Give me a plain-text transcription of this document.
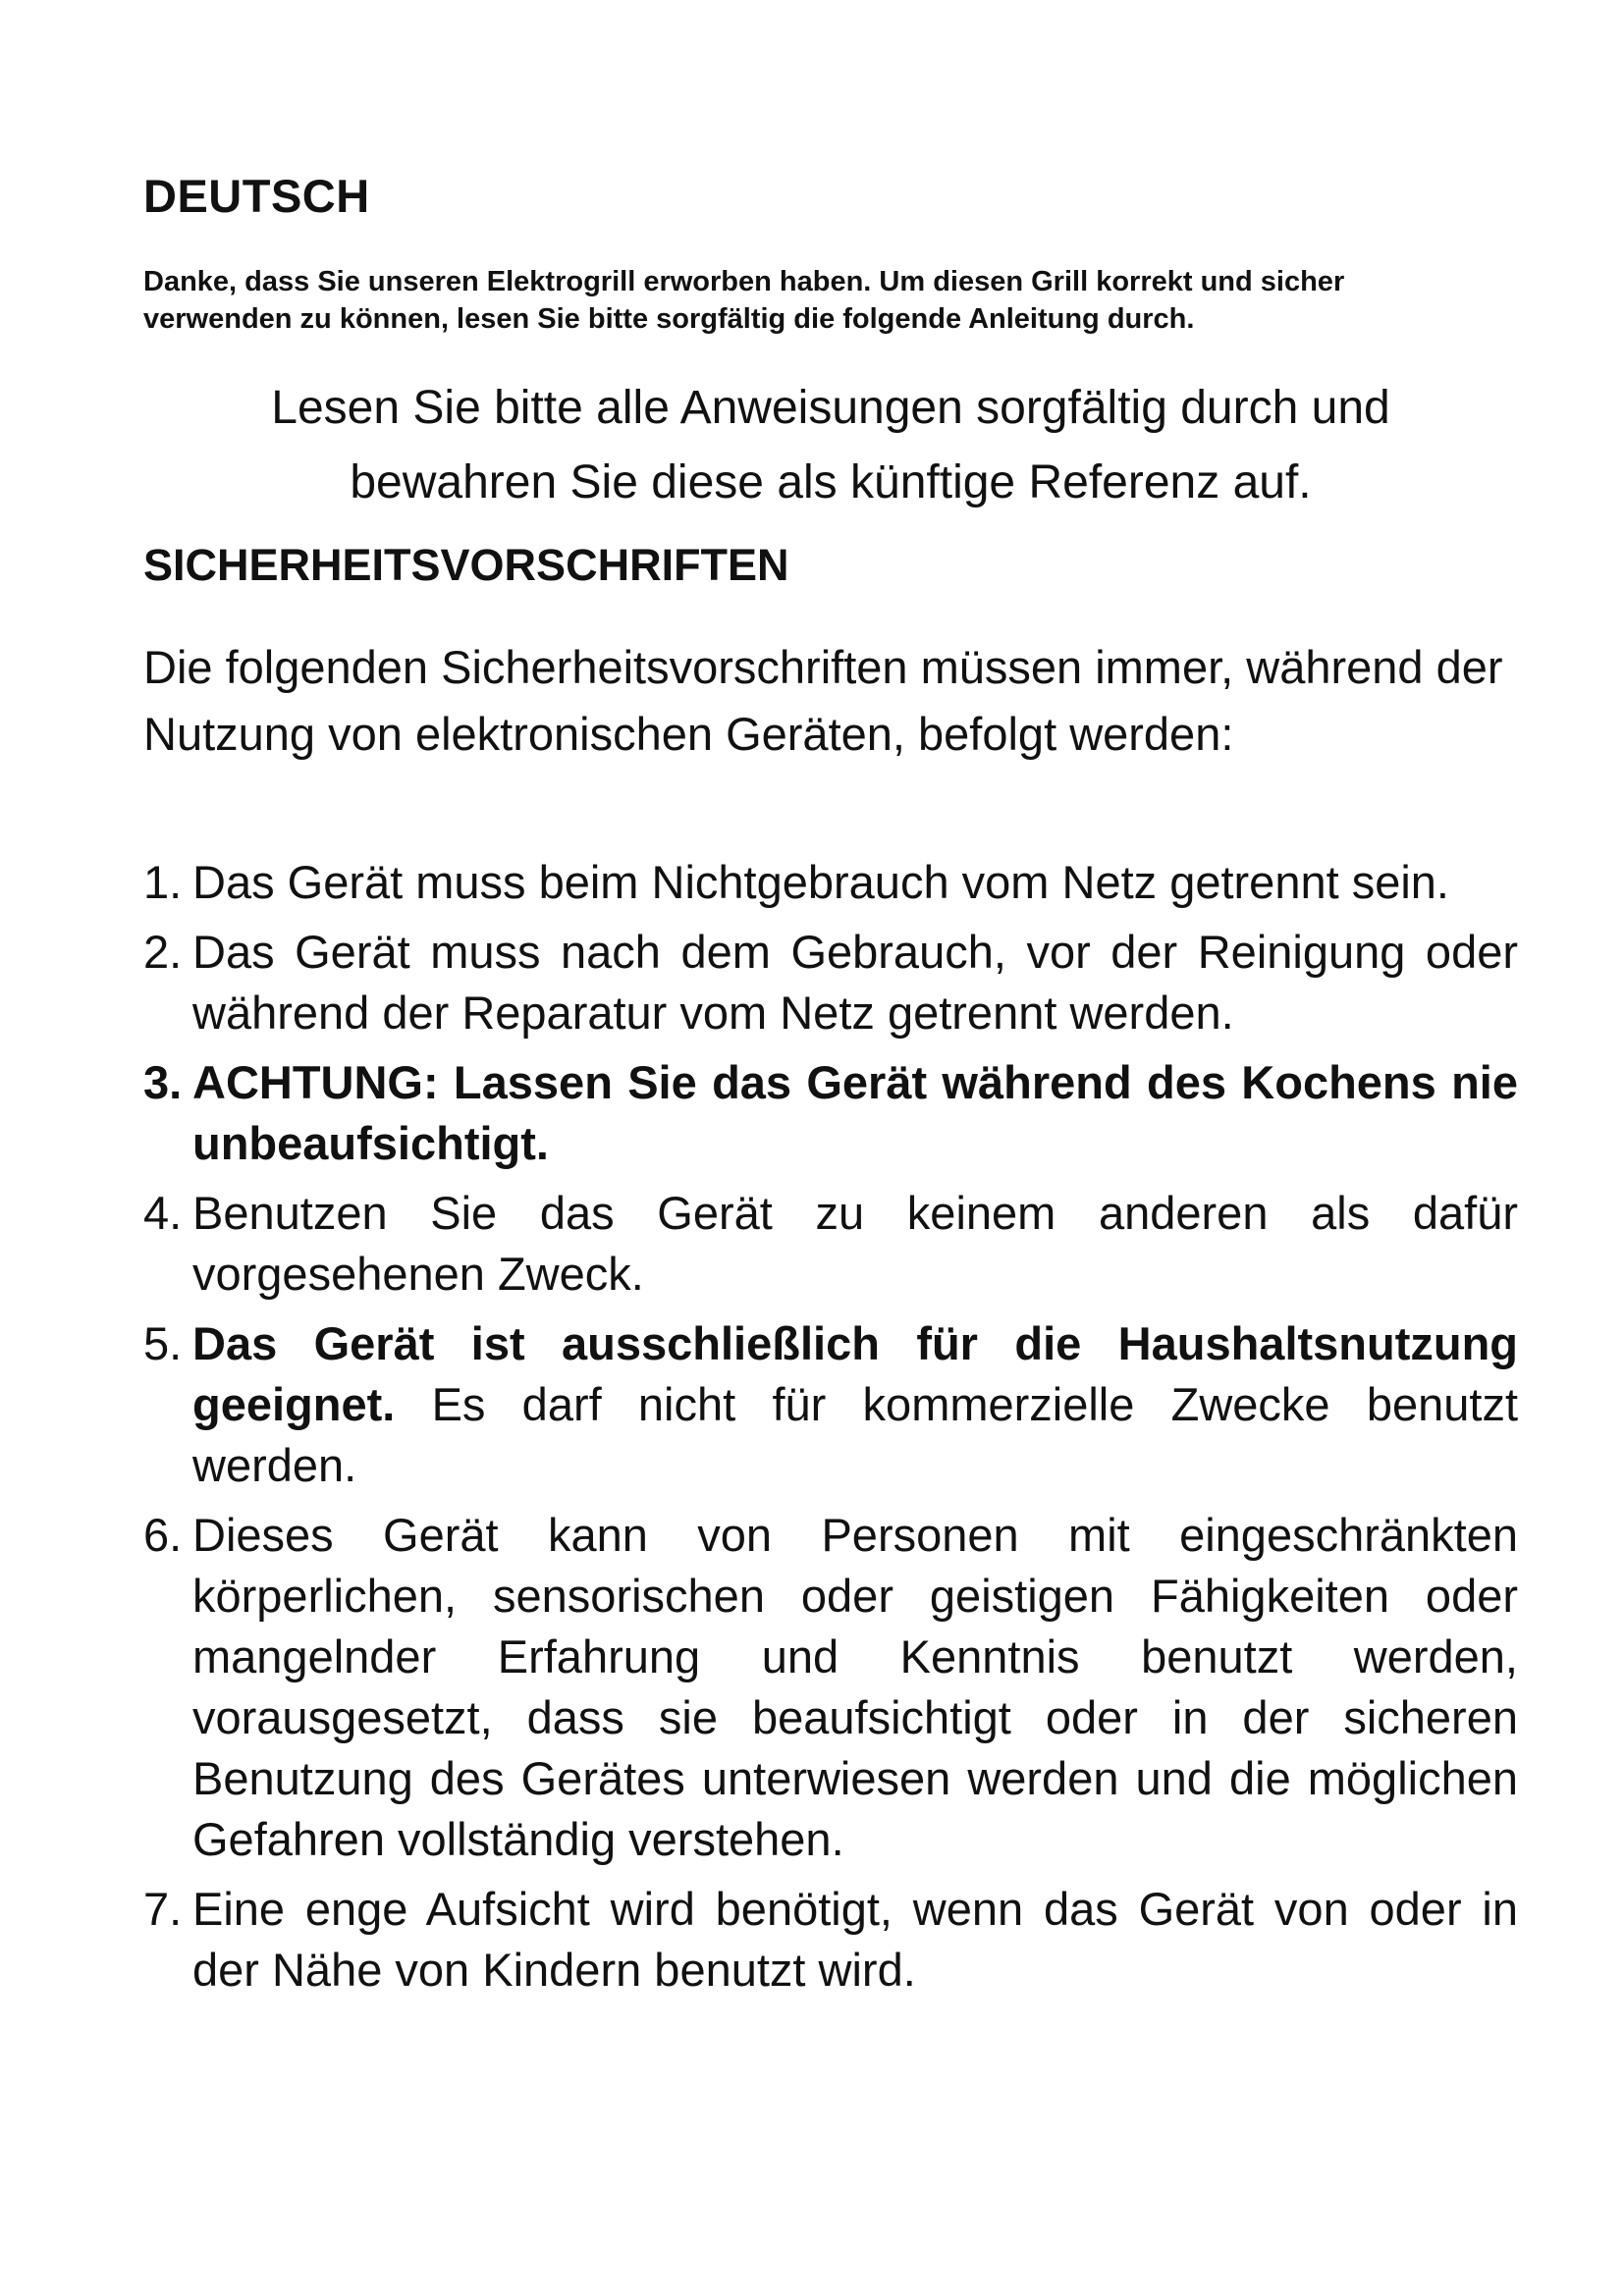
DEUTSCH

Danke, dass Sie unseren Elektrogrill erworben haben. Um diesen Grill korrekt und sicher verwenden zu können, lesen Sie bitte sorgfältig die folgende Anleitung durch.

Lesen Sie bitte alle Anweisungen sorgfältig durch und
bewahren Sie diese als künftige Referenz auf.
SICHERHEITSVORSCHRIFTEN

Die folgenden Sicherheitsvorschriften müssen immer, während der Nutzung von elektronischen Geräten, befolgt werden:

1. Das Gerät muss beim Nichtgebrauch vom Netz getrennt sein.
2. Das Gerät muss nach dem Gebrauch, vor der Reinigung oder während der Reparatur vom Netz getrennt werden.
3. ACHTUNG: Lassen Sie das Gerät während des Kochens nie unbeaufsichtigt.
4. Benutzen Sie das Gerät zu keinem anderen als dafür vorgesehenen Zweck.
5. Das Gerät ist ausschließlich für die Haushaltsnutzung geeignet. Es darf nicht für kommerzielle Zwecke benutzt werden.
6. Dieses Gerät kann von Personen mit eingeschränkten körperlichen, sensorischen oder geistigen Fähigkeiten oder mangelnder Erfahrung und Kenntnis benutzt werden, vorausgesetzt, dass sie beaufsichtigt oder in der sicheren Benutzung des Gerätes unterwiesen werden und die möglichen Gefahren vollständig verstehen.
7. Eine enge Aufsicht wird benötigt, wenn das Gerät von oder in der Nähe von Kindern benutzt wird.
